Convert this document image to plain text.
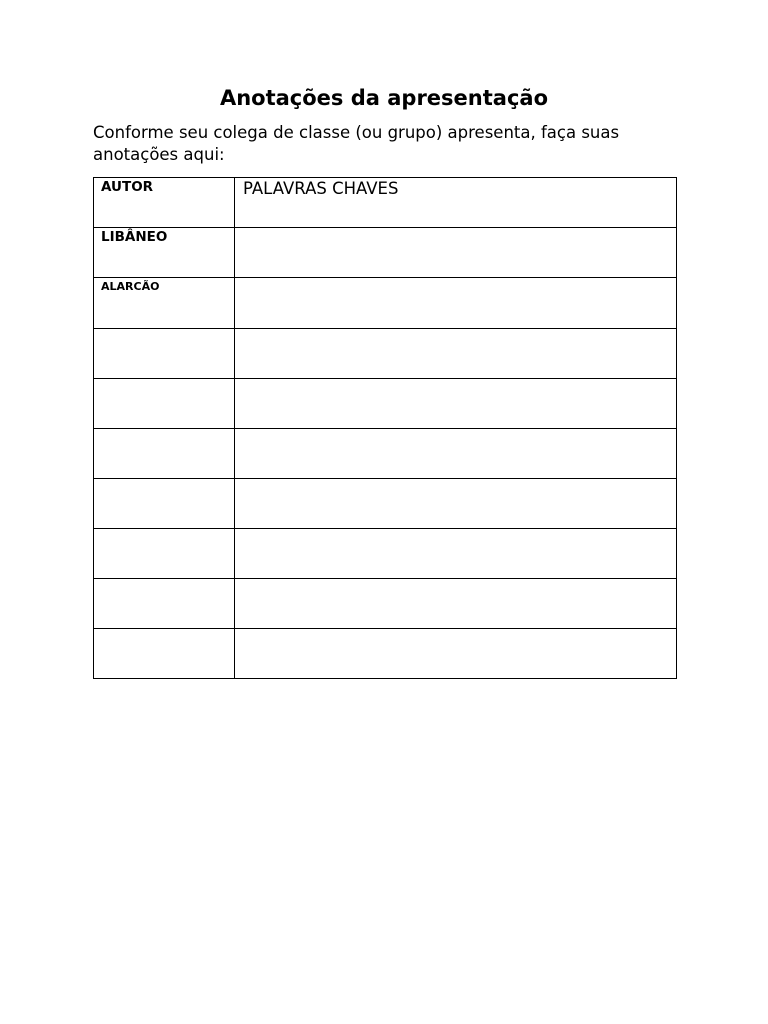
Anotações da apresentação

Conforme seu colega de classe (ou grupo) apresenta, faça suas anotações aqui:

AUTOR	PALAVRAS CHAVES
LIBÂNEO	
ALARCÃO	
